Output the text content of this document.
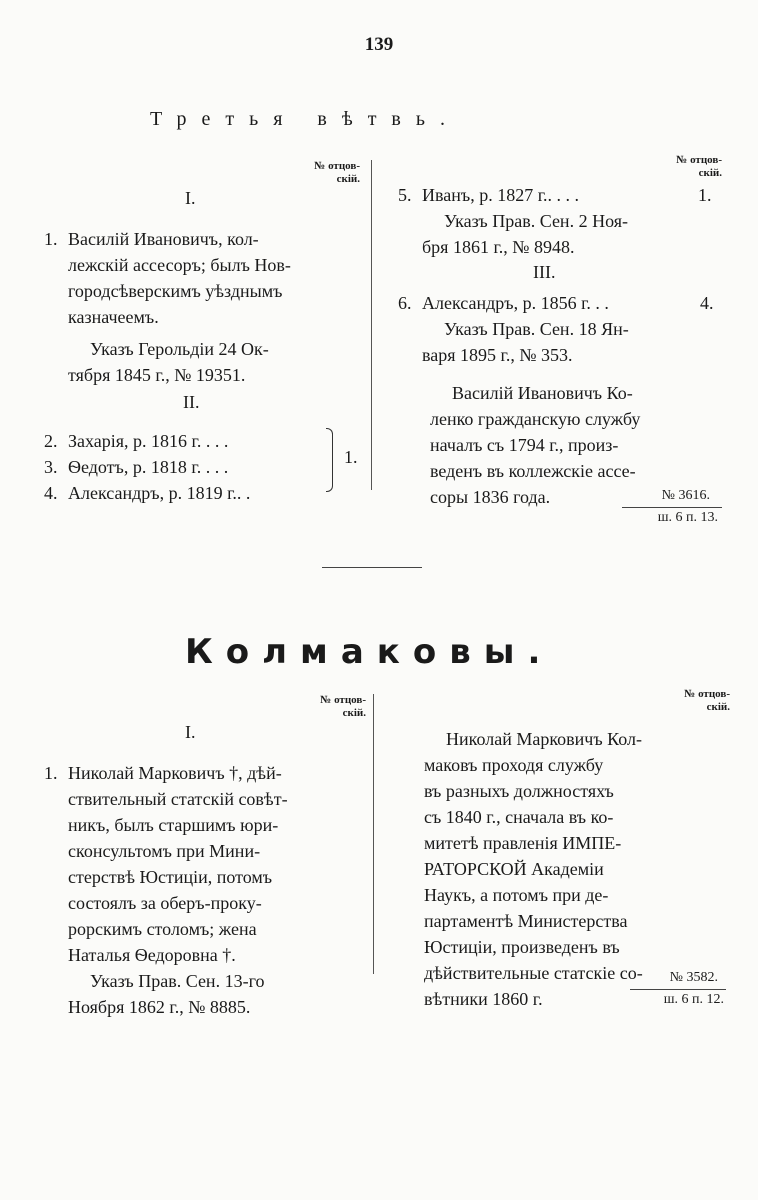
139
Третья вѣтвь.
№ отцов-
скій.
№ отцов-
скій.
I.
1. Василій Ивановичъ, кол-

лежскій ассесоръ; былъ Нов-

городсѣверскимъ уѣзднымъ

казначеемъ.

Указъ Герольдіи 24 Ок-

тября 1845 г., № 19351.

II.
2. Захарія, р. 1816 г. . . .
3. Ѳедотъ, р. 1818 г. . . .
4. Александръ, р. 1819 г.. .
1.
5. Иванъ, р. 1827 г.. . . .

Указъ Прав. Сен. 2 Ноя-

бря 1861 г., № 8948.

1.
III.
6. Александръ, р. 1856 г. . .

Указъ Прав. Сен. 18 Ян-

варя 1895 г., № 353.

4.

Василій Ивановичъ Ко-

ленко гражданскую службу

началъ съ 1794 г., произ-

веденъ въ коллежскіе ассе-

соры 1836 года.	№ 3616.
ш. 6 п. 13.
Колмаковы.
№ отцов-
скій.
№ отцов-
скій.
I.
1. Николай Марковичъ †, дѣй-

ствительный статскій совѣт-

никъ, былъ старшимъ юри-

сконсультомъ при Мини-

стерствѣ Юстиціи, потомъ

состоялъ за оберъ-проку-

рорскимъ столомъ; жена

Наталья Ѳедоровна †.

Указъ Прав. Сен. 13-го

Ноября 1862 г., № 8885.

Николай Марковичъ Кол-

маковъ проходя службу

въ разныхъ должностяхъ

съ 1840 г., сначала въ ко-

митетѣ правленія ИМПЕ-

РАТОРСКОЙ Академіи

Наукъ, а потомъ при де-

партаментѣ Министерства

Юстиціи, произведенъ въ

дѣйствительные статскіе со-

вѣтники 1860 г.

№ 3582.
ш. 6 п. 12.
